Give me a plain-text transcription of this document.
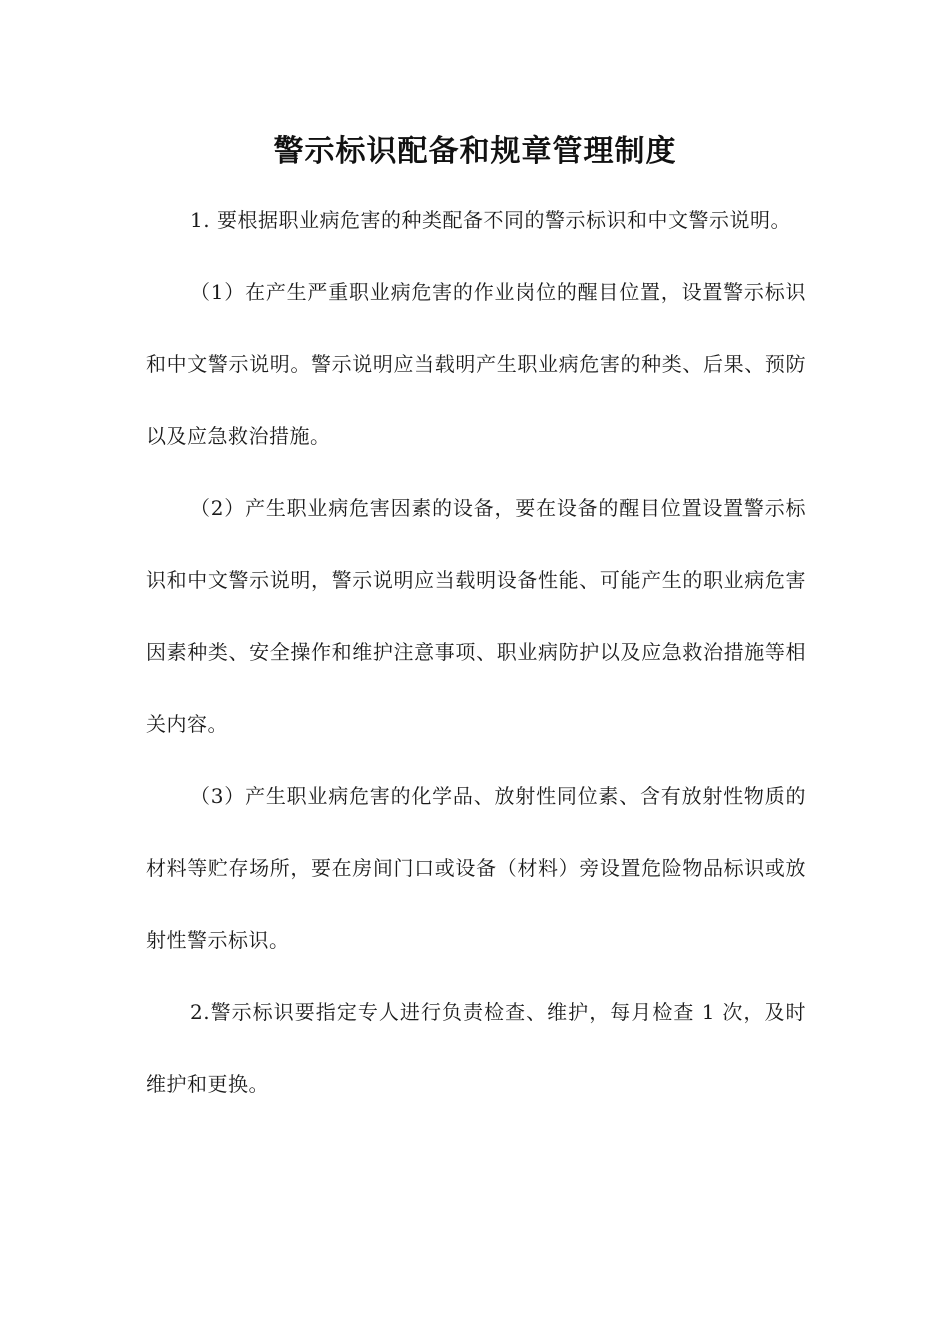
警示标识配备和规章管理制度

1. 要根据职业病危害的种类配备不同的警示标识和中文警示说明。

（1）在产生严重职业病危害的作业岗位的醒目位置，设置警示标识和中文警示说明。警示说明应当载明产生职业病危害的种类、后果、预防以及应急救治措施。

（2）产生职业病危害因素的设备，要在设备的醒目位置设置警示标识和中文警示说明，警示说明应当载明设备性能、可能产生的职业病危害因素种类、安全操作和维护注意事项、职业病防护以及应急救治措施等相关内容。

（3）产生职业病危害的化学品、放射性同位素、含有放射性物质的材料等贮存场所，要在房间门口或设备（材料）旁设置危险物品标识或放射性警示标识。

2.警示标识要指定专人进行负责检查、维护，每月检查 1 次，及时维护和更换。
